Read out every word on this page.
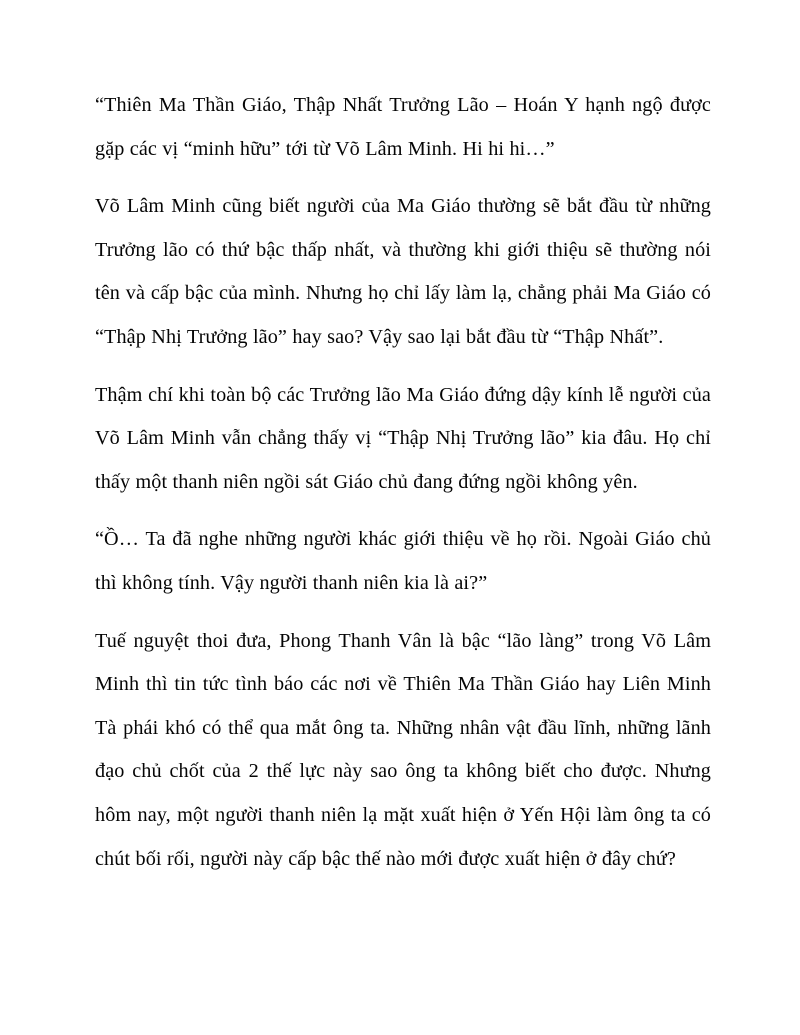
“Thiên Ma Thần Giáo, Thập Nhất Trưởng Lão – Hoán Y hạnh ngộ được gặp các vị “minh hữu” tới từ Võ Lâm Minh. Hi hi hi…”

Võ Lâm Minh cũng biết người của Ma Giáo thường sẽ bắt đầu từ những Trưởng lão có thứ bậc thấp nhất, và thường khi giới thiệu sẽ thường nói tên và cấp bậc của mình. Nhưng họ chỉ lấy làm lạ, chẳng phải Ma Giáo có “Thập Nhị Trưởng lão” hay sao? Vậy sao lại bắt đầu từ “Thập Nhất”.

Thậm chí khi toàn bộ các Trưởng lão Ma Giáo đứng dậy kính lễ người của Võ Lâm Minh vẫn chẳng thấy vị “Thập Nhị Trưởng lão” kia đâu. Họ chỉ thấy một thanh niên ngồi sát Giáo chủ đang đứng ngồi không yên.

“Ồ… Ta đã nghe những người khác giới thiệu về họ rồi. Ngoài Giáo chủ thì không tính. Vậy người thanh niên kia là ai?”

Tuế nguyệt thoi đưa, Phong Thanh Vân là bậc “lão làng” trong Võ Lâm Minh thì tin tức tình báo các nơi về Thiên Ma Thần Giáo hay Liên Minh Tà phái khó có thể qua mắt ông ta. Những nhân vật đầu lĩnh, những lãnh đạo chủ chốt của 2 thế lực này sao ông ta không biết cho được. Nhưng hôm nay, một người thanh niên lạ mặt xuất hiện ở Yến Hội làm ông ta có chút bối rối, người này cấp bậc thế nào mới được xuất hiện ở đây chứ?
